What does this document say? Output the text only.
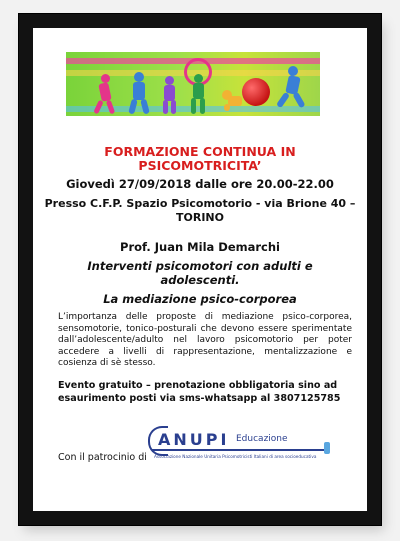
FORMAZIONE CONTINUA IN
PSICOMOTRICITA’
Giovedì 27/09/2018 dalle ore 20.00-22.00
Presso C.F.P. Spazio Psicomotorio - via Brione 40 –
TORINO
Prof. Juan Mila Demarchi
Interventi psicomotori con adulti e
adolescenti.
La mediazione psico-corporea
L’importanza delle proposte di mediazione psico-corporea, sensomotorie, tonico-posturali che devono essere sperimentate dall’adolescente/adulto nel lavoro psicomotorio per poter accedere a livelli di rappresentazione, mentalizzazione e cosienza di sè stesso.
Evento gratuito – prenotazione obbligatoria sino ad
esaurimento posti via sms-whatsapp al 3807125785
Con il patrocinio di
ANUPI Educazione
Associazione Nazionale Unitaria Psicomotricisti Italiani di area socioeducativa
